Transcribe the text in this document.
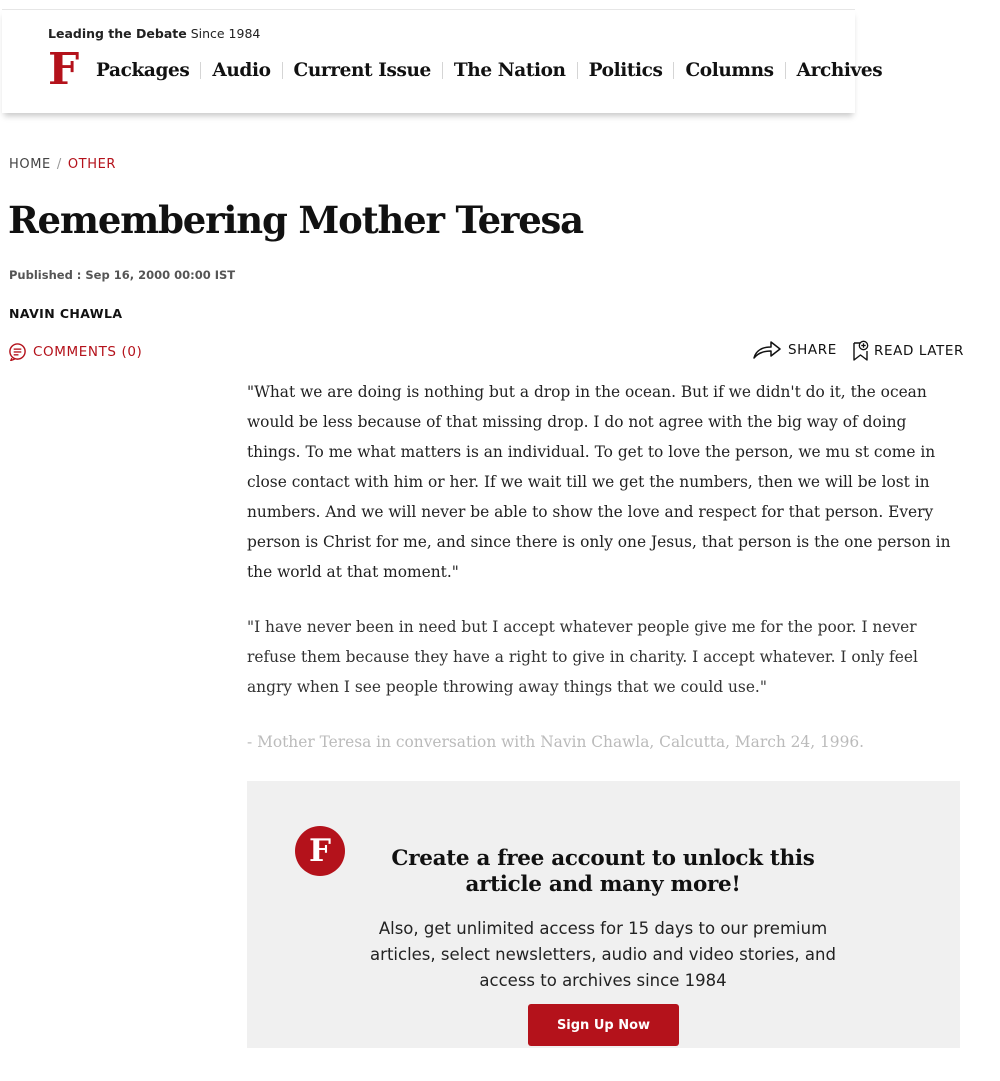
Leading the Debate Since 1984
F Packages Audio Current Issue The Nation Politics Columns Archives
HOME / OTHER
Remembering Mother Teresa
Published : Sep 16, 2000 00:00 IST
NAVIN CHAWLA
COMMENTS (0)	SHARE	READ LATER

"What we are doing is nothing but a drop in the ocean. But if we didn't do it, the ocean would be less because of that missing drop. I do not agree with the big way of doing things. To me what matters is an individual. To get to love the person, we mu st come in close contact with him or her. If we wait till we get the numbers, then we will be lost in numbers. And we will never be able to show the love and respect for that person. Every person is Christ for me, and since there is only one Jesus, that person is the one person in the world at that moment."

"I have never been in need but I accept whatever people give me for the poor. I never refuse them because they have a right to give in charity. I accept whatever. I only feel angry when I see people throwing away things that we could use."

- Mother Teresa in conversation with Navin Chawla, Calcutta, March 24, 1996.

F	Create a free account to unlock this article and many more!
Also, get unlimited access for 15 days to our premium articles, select newsletters, audio and video stories, and access to archives since 1984
Sign Up Now
